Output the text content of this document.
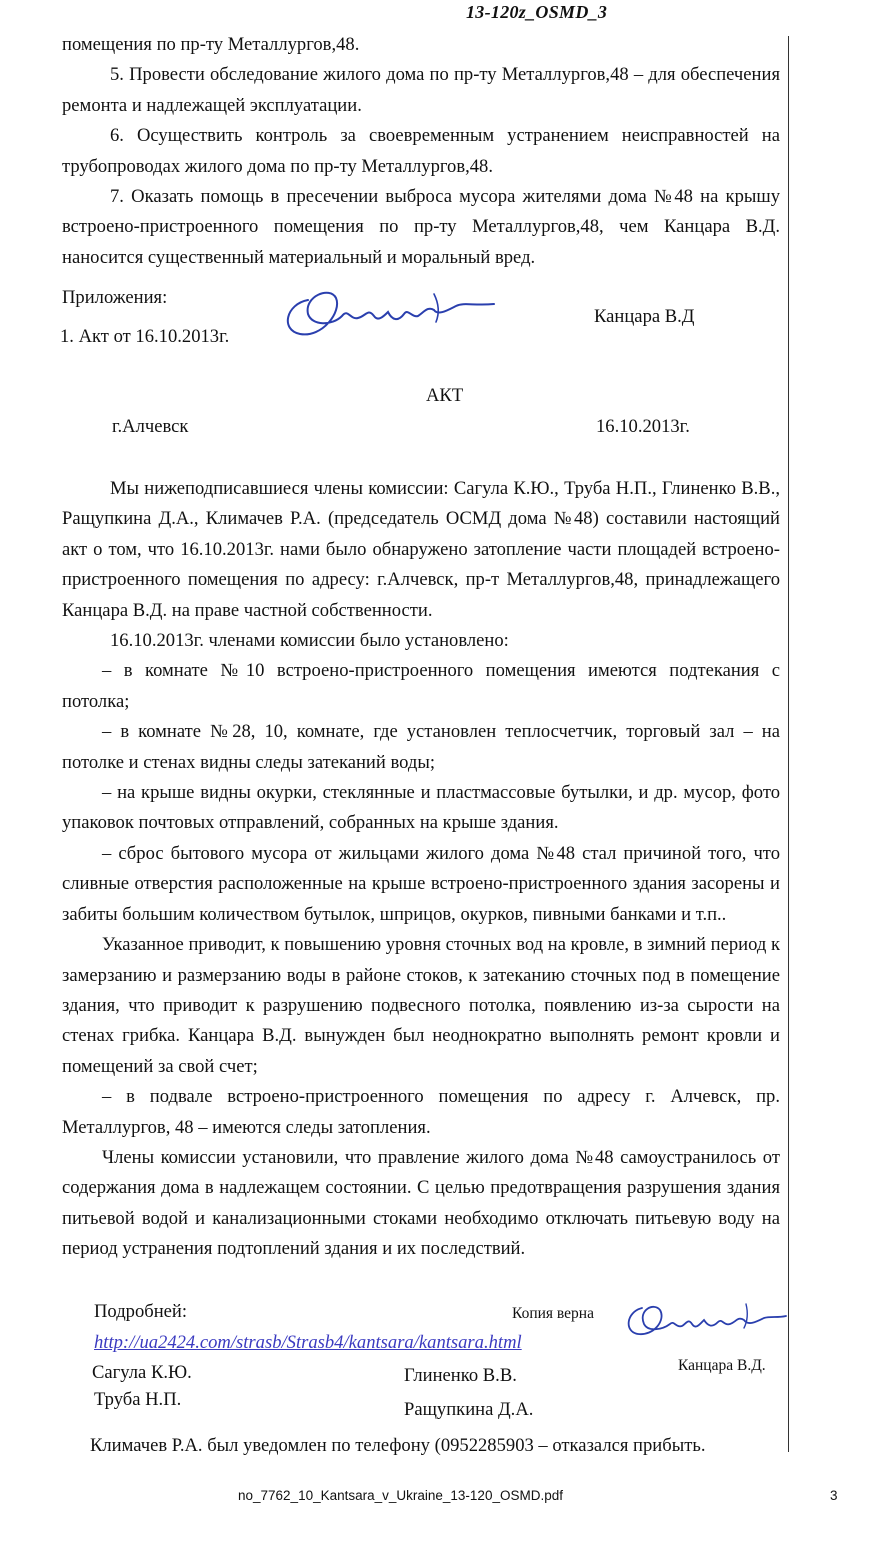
13-120z_OSMD_3

помещения по пр-ту Металлургов,48.

5. Провести обследование жилого дома по пр-ту Металлургов,48 – для обеспечения ремонта и надлежащей эксплуатации.

6. Осуществить контроль за своевременным устранением неисправностей на трубопроводах жилого дома по пр-ту Металлургов,48.

7. Оказать помощь в пресечении выброса мусора жителями дома №48 на крышу встроено-пристроенного помещения по пр-ту Металлургов,48, чем Канцара В.Д. наносится существенный материальный и моральный вред.

Приложения:
1. Акт от 16.10.2013г.
Канцара В.Д
АКТ
г.Алчевск	16.10.2013г.

Мы нижеподписавшиеся члены комиссии: Сагула К.Ю., Труба Н.П., Глиненко В.В., Ращупкина Д.А., Климачев Р.А. (председатель ОСМД дома №48) составили настоящий акт о том, что 16.10.2013г. нами было обнаружено затопление части площадей встроено-пристроенного помещения по адресу: г.Алчевск, пр-т Металлургов,48, принадлежащего Канцара В.Д. на праве частной собственности.

16.10.2013г. членами комиссии было установлено:

– в комнате №10 встроено-пристроенного помещения имеются подтекания с потолка;

– в комнате №28, 10, комнате, где установлен теплосчетчик, торговый зал – на потолке и стенах видны следы затеканий воды;

– на крыше видны окурки, стеклянные и пластмассовые бутылки, и др. мусор, фото упаковок почтовых отправлений, собранных на крыше здания.

– сброс бытового мусора от жильцами жилого дома №48 стал причиной того, что сливные отверстия расположенные на крыше встроено-пристроенного здания засорены и забиты большим количеством бутылок, шприцов, окурков, пивными банками и т.п..

Указанное приводит, к повышению уровня сточных вод на кровле, в зимний период к замерзанию и размерзанию воды в районе стоков, к затеканию сточных под в помещение здания, что приводит к разрушению подвесного потолка, появлению из-за сырости на стенах грибка. Канцара В.Д. вынужден был неоднократно выполнять ремонт кровли и помещений за свой счет;

– в подвале встроено-пристроенного помещения по адресу г. Алчевск, пр. Металлургов, 48 – имеются следы затопления.

Члены комиссии установили, что правление жилого дома №48 самоустранилось от содержания дома в надлежащем состоянии. С целью предотвращения разрушения здания питьевой водой и канализационными стоками необходимо отключать питьевую воду на период устранения подтоплений здания и их последствий.

Подробней:
http://ua2424.com/strasb/Strasb4/kantsara/kantsara.html
Копия верна
Канцара В.Д.
Сагула К.Ю.
Труба Н.П.
Глиненко В.В.
Ращупкина Д.А.
Климачев Р.А. был уведомлен по телефону (0952285903 – отказался прибыть.
no_7762_10_Kantsara_v_Ukraine_13-120_OSMD.pdf	3
